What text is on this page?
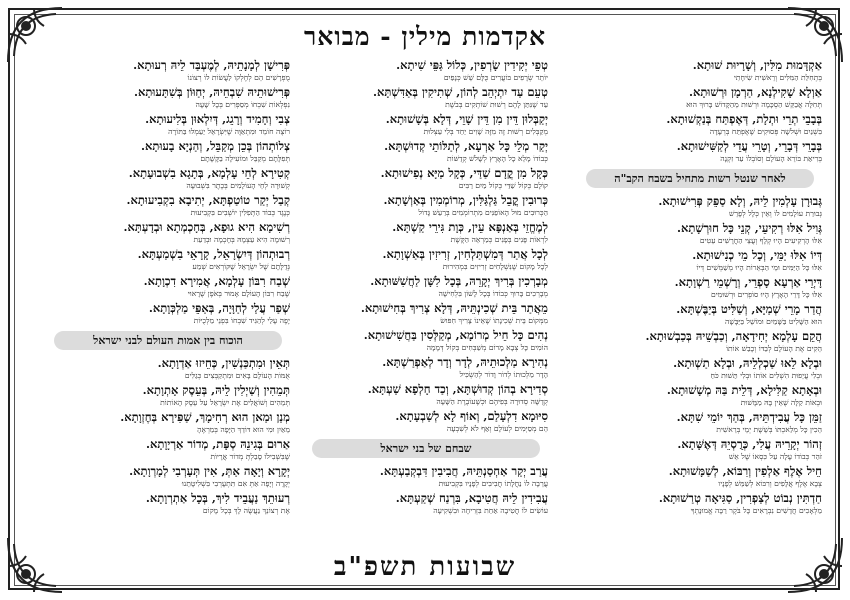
אקדמות מילין - מבואר
אַקְדָּמוּת מִלִּין, וְשָׁרָיוּת שׁוּתָא.
בְּתְחִלַּת הַמִּלִּים וְרֵאשִׁית שִׂיחָתִי
אַוְלָא שָׁקִילְנָא, הַרְמָן וּרְשׁוּתָא.
תְּחִלָּה אֲבַקֵּשׁ הַסְכָּמָה וּרְשׁוּת מֵהַקָּדוֹשׁ בָּרוּךְ הוּא
בְּבָבֵי תְרֵי וּתְלָת, דְּאֶפְתַּח בְּנַקְשׁוּתָא.
בִּשְׁנַיִם וּשְׁלֹשָׁה פְּסוּקִים שֶׁאֶפְתַּח בְּרְעָדָה
בְּבָרֵי דְּבָרֵי, וְטָרֵי עֲדֵי לְקַשִּׁישׁוּתָא.
בְּרִיאַת בּוֹרֵא הָעוֹלָם וְסוֹבְלוֹ עַד זִקְנָה
לאחר שנטל רשות מתחיל בשבח הקב"ה
גְּבוּרָן עָלְמִין לֵיהּ, וְלָא סַפֵּק פְּרִישׁוּתָא.
גְּבוּרַת עוֹלָמִים לוֹ וְאֵין כְּלָל לְפָרֵשׁ
גְּוִיל אִלּוּ רְקִיעֵי, קְנֵי כָּל חוּרְשָׁתָא.
אִלּוּ הָרְקִיעִים הָיוּ קְלָף וְעֲצֵי הַחֲרָשִׁים עֵטִים
דְּיוֹ אִלּוּ יַמֵּי, וְכָל מֵי כְנִישׁוּתָא.
אִלּוּ כָּל הַיַּמִּים וּמֵי הַבְּאֵרוֹת הָיוּ מְשַׁמְּשִׁים דְּיוֹ
דָּיְרֵי אַרְעָא סָפְרֵי, וְרָשְׁמֵי רַשְׁוָתָא.
אִלּוּ כָּל דָּרֵי הָאָרֶץ הָיוּ סוֹפְרִים וּרְשׁוּמִים
הֲדַר מָרֵי שְׁמַיָּא, וְשַׁלִּיט בְּיַבֶּשְׁתָּא.
הוּא הַשָּׁלִיט בַּשָּׁמַיִם וּמוֹשֵׁל בַּיַּבָּשָׁה
הֲקֵם עָלְמָא יְחִידָאָה, וְכַבְשֵׁיהּ בְּכַבְשׁוּתָא.
הֵקִים אֶת הָעוֹלָם לְבַדּוֹ וְכָבַשׁ אוֹתוֹ
וּבְלָא לֵאוּ שַׁכְלְלֵיהּ, וּבְלָא תַשְׁוּתָא.
וּבְלִי עֲיֵפוּת הִשְׁלִים אוֹתוֹ וּבְלִי תַּשׁוּת כֹּחַ
וּבְאָתָא קַלִּילָא, דְּלֵית בַּהּ מְשָׁשׁוּתָא.
וּבְאוֹת קַלָּה שֶׁאֵין בָּהּ מַמָּשׁוּת
זַמֵּן כָּל עֲבִידְתֵּיהּ, בְּהַךְ יוֹמֵי שִׁתָּא.
הֵכִין כָּל מְלַאכְתּוֹ בְּשֵׁשֶׁת יְמֵי בְּרֵאשִׁית
זְהוֹר יְקָרֵיהּ עֲלִי, כְּרֻסְיֵהּ דְּאֶשָּׁתָא.
זֹהַר כְּבוֹדוֹ עָלָה עַל כִּסְאוֹ שֶׁל אֵשׁ
חֵיל אֶלֶף אַלְפִין וְרִבּוֹא, לְשַׁמָּשׁוּתָא.
צְבָא אֶלֶף אֲלָפִים וְרִבּוֹא לְשַׁמֵּשׁ לְפָנָיו
חַדְתִּין נְבוֹט לְצַפְרִין, סַגִּיאָה טְרַשׁוּתָא.
מַלְאָכִים חֲדָשִׁים נִבְרָאִים כָּל בֹּקֶר רַבָּה אֱמוּנָתְךָ
טְפֵי יְקִידִין שָׂרְפִין, כְּלוֹל גַּפֵּי שִׁיתָא.
יוֹתֵר שְׂרָפִים בּוֹעֲרִים כֻּלָּם שֵׁשׁ כְּנָפַיִם
טְעֵם עַד יִתְיְהֵב לְהוֹן, שְׁתִיקִין בְּאַדִּשְׁתָּא.
עַד שֶׁנִּתַּן לָהֶם רְשׁוּת שׁוֹתְקִים בְּבֹשֶׁת
יְקַבְּלוּן דֵּין מִן דֵּין שָׁוֵי, דְּלָא בְּשָׁשׁוּתָא.
מְקַבְּלִים רְשׁוּת זֶה מִזֶּה שָׁוִים יַחַד בְּלִי עַצְלוּת
יְקַר מְלֵי כָּל אַרְעָא, לְתַלּוֹתֵי קְדוּשְׁתָּא.
כְּבוֹדוֹ מָלֵא כָל הָאָרֶץ לְשָׁלֹשׁ קְדֻשּׁוֹת
כְּקָל מִן קֳדָם שַׁדַּי, כְּקָל מַיָּא נְפִישׁוּתָא.
קוֹלָם כְּקוֹל שַׁדַּי כְּקוֹל מַיִם רַבִּים
כְּרוּבִין קֳבֵל גַּלְגַּלִּין, מְרוֹמְמִין בְּאַוְשָׁתָא.
הַכְּרוּבִים מוּל הָאוֹפַנִּים מִתְרוֹמְמִים בְּרַעַשׁ גָּדוֹל
לְמֶחֱזֵי בְּאַנְפָּא עֵין, כְּוָת גִּירֵי קַשְׁתָּא.
לִרְאוֹת פָּנִים בְּפָנִים כְּמַרְאֵה הַקֶּשֶׁת
לְכָל אֲתַר דְּמִשְׁתַּלְחִין, זְרִיזִין בְּאַשְׁוָתָא.
לְכָל מָקוֹם שֶׁנִּשְׁלָחִים זְרִיזִים בִּמְהִירוּת
מְבָרְכִין בְּרִיךְ יְקָרֵהּ, בְּכָל לִשָּׁן לַחֲשִׁשּׁוּתָא.
מְבָרְכִים בָּרוּךְ כְּבוֹדוֹ בְּכָל לָשׁוֹן בִּלְחִישָׁה
מֵאֲתַר בֵּית שְׁכִינְתֵּיהּ, דְּלָא צְרִיךְ בְּחִישׁוּתָא.
מִמְּקוֹם בֵּית שְׁכִינָתוֹ שֶׁאֵינוֹ צָרִיךְ חִפּוּשׂ
נְהִים כָּל חֵיל מְרוֹמָא, מְקַלְּסִין בַּחֲשִׁישׁוּתָא.
הוֹמִים כָּל צְבָא מָרוֹם מְשַׁבְּחִים בְּקוֹל דְּמָמָה
נְהִירָא מַלְכוּתֵיהּ, לְדָר וְדָר לְאַפְרַשְׁתָּא.
הָדָר מַלְכוּתוֹ לְדוֹר וָדוֹר לְהַשְׂכִּיל
סְדִירָא בְהוֹן קְדוּשְׁתָּא, וְכַד חָלְפָא שַׁעְתָּא.
קְדֻשָּׁה סְדוּרָה בְּפִיהֶם וּכְשֶׁעוֹבֶרֶת הַשָּׁעָה
סִיּוּמָא דִלְעָלַם, וְאוֹף לָא לְשַׁבְעָתָא.
הֵם מְסַיְּמִים לְעוֹלָם וְאַף לֹא לְשִׁבְעָה
שבחם של בני ישראל
עֲרַב יְקַר אַחְסַנְתֵּיהּ, חֲבִיבִין דִּבְקְבַעְתָּא.
עֲרֵבָה לוֹ נַחֲלָתוֹ חֲבִיבִים לְפָנָיו בִּקְבִיעוּת
עֲבִידִין לֵיהּ חֲטִיבָא, בִּרְנַח שְׁקַעְתָּא.
עוֹשִׂים לוֹ חֲטִיבָה אַחַת בִּזְרִיחָה וּבִשְׁקִיעָה
פְּרִישָׁן לְמָנָתֵיהּ, לְמֶעְבַּד לֵיהּ רְעוּתָא.
מֻפְרָשִׁים הֵם לְחֶלְקוֹ לַעֲשׂוֹת לוֹ רְצוֹנוֹ
פְּרִישׁוּתֵיהּ שִׁבְחֵיהּ, יְחַוּוֹן בְּשִׁתָּעוּתָא.
נִפְלְאוֹת שִׁבְחוֹ מְסַפְּרִים בְּכָל שָׁעָה
צְבִי וְחָמִיד וְרָגֵג, דְּיִלְאוּן בְּלִיעוּתָא.
רוֹצֶה חוֹמֵד וּמִתְאַוֶּה שֶׁיִּשְׂרָאֵל יַעַמְלוּ בַּתּוֹרָה
צְלוֹתְהוֹן בְּכֵן מְקַבֵּל, וְהַנְיָא בָעוּתָא.
תְּפִלָּתָם מְקַבֵּל וּמוֹעִילָה בַקָּשָׁתָם
קְטִירָא לְחֵי עָלְמָא, בְּתָגָא בִשְׁבוּעָתָא.
קְשׁוּרָה לְחֵי הָעוֹלָמִים בְּכֶתֶר בִּשְׁבוּעָה
קְבַל יְקַר טוֹטַפְתָּא, יְתִיבָא בִקְבִיעוּתָא.
כְּנֶגֶד כְּבוֹד הַתְּפִלִּין יוֹשְׁבִים בִּקְבִיעוּת
רְשִׁימָא הִיא גוּפָא, בְּחָכְמְתָא וּבְדָעְתָּא.
רְשׁוּמָה הִיא עַצְמָהּ בְּחָכְמָה וּבְדַעַת
רְבוּתְהוֹן דְּיִשְׂרָאֵל, קָרָאֵי בִשְׁמַעְתָּא.
גְּדֻלָּתָם שֶׁל יִשְׂרָאֵל שֶׁקּוֹרְאִים שְׁמַע
שְׁבַח רִבּוֹן עָלְמָא, אֲמִירָא דִכְוָתָא.
שֶׁבַח רִבּוֹן הָעוֹלָם אָמוּר בְּאֹפֶן שֶׁרָאוּי
שְׁפַר עֲלַי לְחַוָּיָה, בְּאַפֵּי מַלְכְּוָתָא.
יָפֶה עָלַי לְהַגִּיד שִׁבְחוֹ בִּפְנֵי מַלְכֻיּוֹת
הוכוח בין אמות העולם לבני ישראל
תְּאֵין וּמִתְכַּנְשִׁין, כְּחֵיזוּ אַדְוָתָא.
אֻמּוֹת הָעוֹלָם בָּאִים וּמִתְקַבְּצִים כְּגַלִּים
תְּמֵהִין וְשַׁיְלִין לֵיהּ, בְּעֵסֶק אָתְוָתָא.
תְּמֵהִים וְשׁוֹאֲלִים אֶת יִשְׂרָאֵל עַל עֵסֶק הָאוֹתוֹת
מְנַן וּמַאן הוּא רְחִימָךְ, שַׁפִּירָא בְּחֶזְוָתָא.
מֵאַיִן וּמִי הוּא דּוֹדֵךְ הַיָּפָה בְּמַרְאֶהָ
אַרוּם בְּגִינֵהּ סְפָּת, מְדוֹר אַרְיָוָתָא.
שֶׁבִּשְׁבִילוֹ סָבַלְתְּ מְדוֹר אֲרָיוֹת
יְקָרָא וְיָאָה אַתְּ, אִין תְּעָרְבִי לְמָרְוָתָא.
יְקָרָה וְיָפָה אַתְּ אִם תִּתְעָרְבִי בִּשְׁלִיטָתֵנוּ
רְעוּתֵךְ נַעֲבֵיד לִיךְ, בְּכָל אַתְרְוָתָא.
אֶת רְצוֹנֵךְ נַעֲשֶׂה לָךְ בְּכָל מָקוֹם
שבועות תשפ"ב
